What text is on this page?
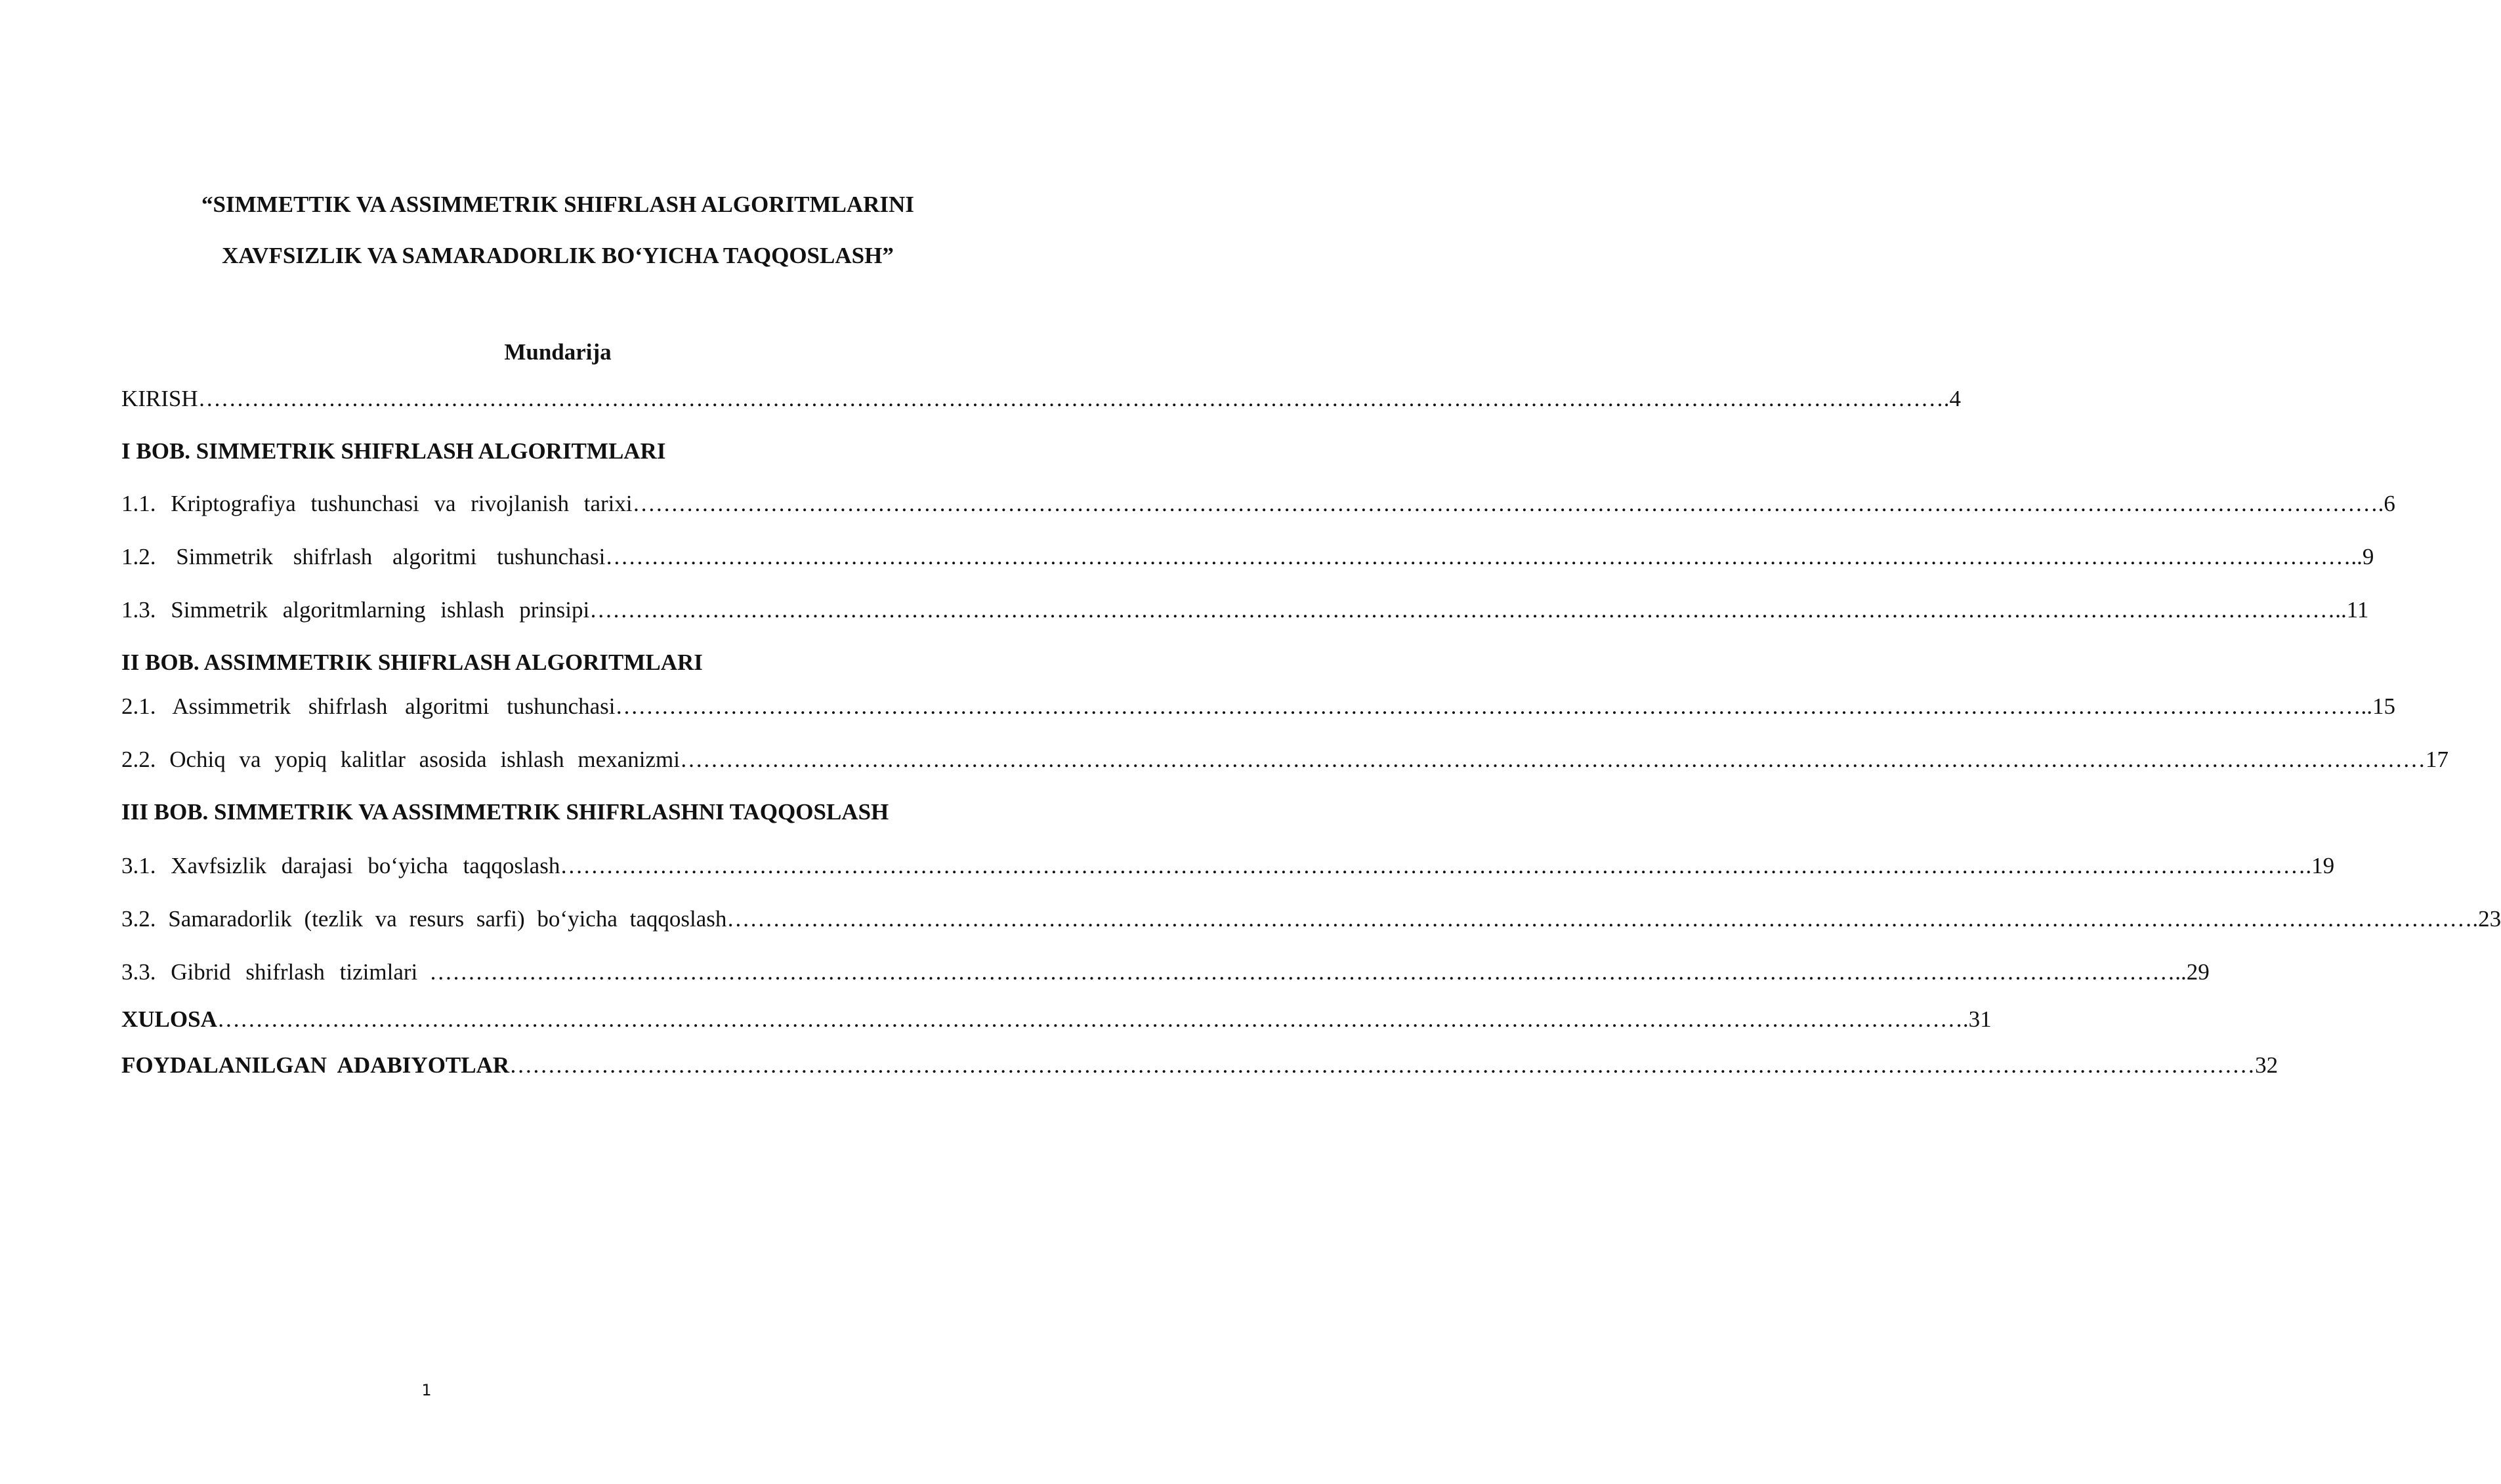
“SIMMETTIK VA ASSIMMETRIK SHIFRLASH ALGORITMLARINI
XAVFSIZLIK VA SAMARADORLIK BO‘YICHA TAQQOSLASH”
Mundarija
KIRISH ………………………………………………………………………………………………………………………………………………………………………………………………………… . 4
I BOB. SIMMETRIK SHIFRLASH ALGORITMLARI
1.1. Kriptografiya tushunchasi va rivojlanish tarixi ………………………………………………………………………………………………………………………………………………………………………………………………………… . 6
1.2. Simmetrik shifrlash algoritmi tushunchasi ………………………………………………………………………………………………………………………………………………………………………………………………………… .. 9
1.3. Simmetrik algoritmlarning ishlash prinsipi ………………………………………………………………………………………………………………………………………………………………………………………………………… .. 11
II BOB. ASSIMMETRIK SHIFRLASH ALGORITMLARI
2.1. Assimmetrik shifrlash algoritmi tushunchasi ………………………………………………………………………………………………………………………………………………………………………………………………………… .. 15
2.2. Ochiq va yopiq kalitlar asosida ishlash mexanizmi ………………………………………………………………………………………………………………………………………………………………………………………………………… 17
III BOB. SIMMETRIK VA ASSIMMETRIK SHIFRLASHNI TAQQOSLASH
3.1. Xavfsizlik darajasi bo‘yicha taqqoslash ………………………………………………………………………………………………………………………………………………………………………………………………………… . 19
3.2. Samaradorlik (tezlik va resurs sarfi) bo‘yicha taqqoslash ………………………………………………………………………………………………………………………………………………………………………………………………………… . 23
3.3. Gibrid shifrlash tizimlari ………………………………………………………………………………………………………………………………………………………………………………………………………… .. 29
XULOSA ………………………………………………………………………………………………………………………………………………………………………………………………………… . 31
FOYDALANILGAN  ADABIYOTLAR ………………………………………………………………………………………………………………………………………………………………………………………………………… 32
1
